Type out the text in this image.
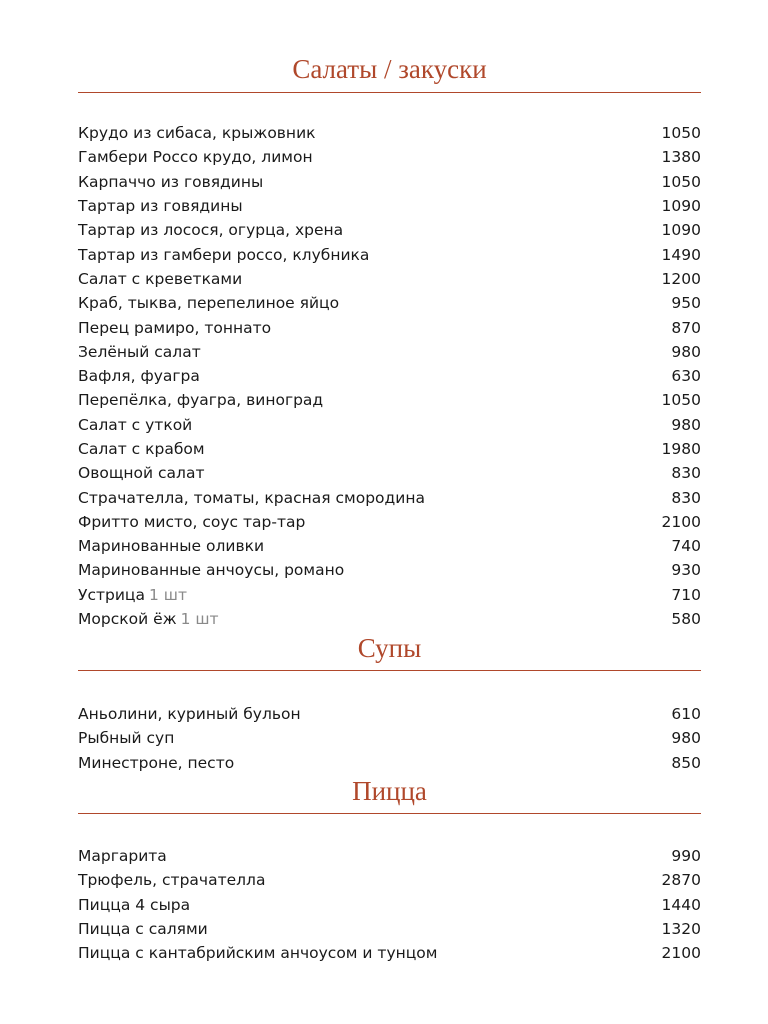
Салаты / закуски
Крудо из сибаса, крыжовник	1050
Гамбери Россо крудо, лимон	1380
Карпаччо из говядины	1050
Тартар из говядины	1090
Тартар из лосося, огурца, хрена	1090
Тартар из гамбери россо, клубника	1490
Салат с креветками	1200
Краб, тыква, перепелиное яйцо	950
Перец рамиро, тоннато	870
Зелёный салат	980
Вафля, фуагра	630
Перепёлка, фуагра, виноград	1050
Салат с уткой	980
Салат с крабом	1980
Овощной салат	830
Страчателла, томаты, красная смородина	830
Фритто мисто, соус тар-тар	2100
Маринованные оливки	740
Маринованные анчоусы, романо	930
Устрица 1 шт	710
Морской ёж 1 шт	580
Супы
Аньолини, куриный бульон	610
Рыбный суп	980
Минестроне, песто	850
Пицца
Маргарита	990
Трюфель, страчателла	2870
Пицца 4 сыра	1440
Пицца с салями	1320
Пицца с кантабрийским анчоусом и тунцом	2100
